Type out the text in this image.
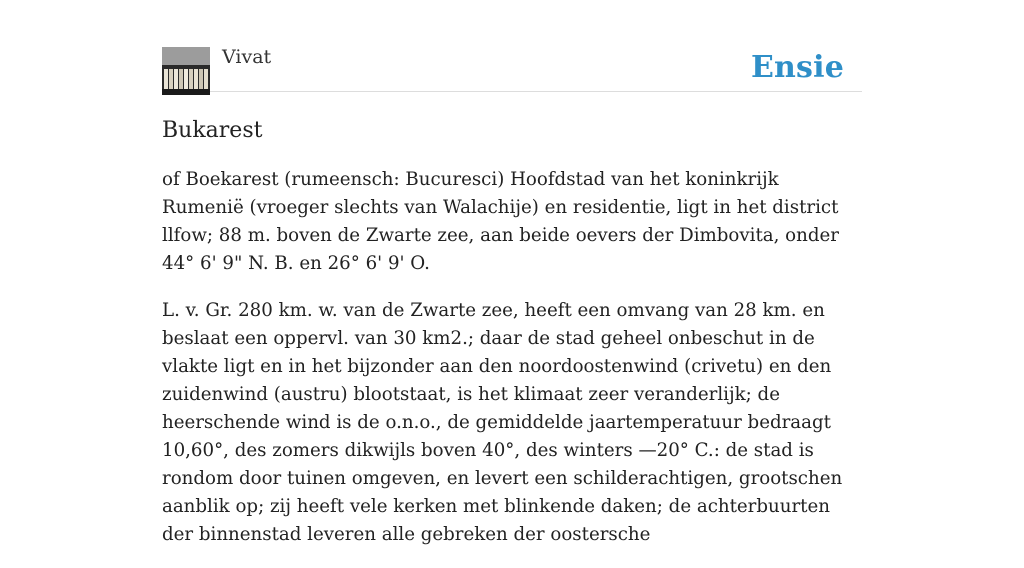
Vivat	Ensie
Bukarest

of Boekarest (rumeensch: Bucuresci) Hoofdstad van het koninkrijk Rumenië (vroeger slechts van Walachije) en residentie, ligt in het district llfow; 88 m. boven de Zwarte zee, aan beide oevers der Dimbovita, onder 44° 6' 9" N. B. en 26° 6' 9' O.

L. v. Gr. 280 km. w. van de Zwarte zee, heeft een omvang van 28 km. en beslaat een oppervl. van 30 km2.; daar de stad geheel onbeschut in de vlakte ligt en in het bijzonder aan den noordoostenwind (crivetu) en den zuidenwind (austru) blootstaat, is het klimaat zeer veranderlijk; de heerschende wind is de o.n.o., de gemiddelde jaartemperatuur bedraagt 10,60°, des zomers dikwijls boven 40°, des winters —20° C.: de stad is rondom door tuinen omgeven, en levert een schilderachtigen, grootschen aanblik op; zij heeft vele kerken met blinkende daken; de achterbuurten der binnenstad leveren alle gebreken der oostersche
